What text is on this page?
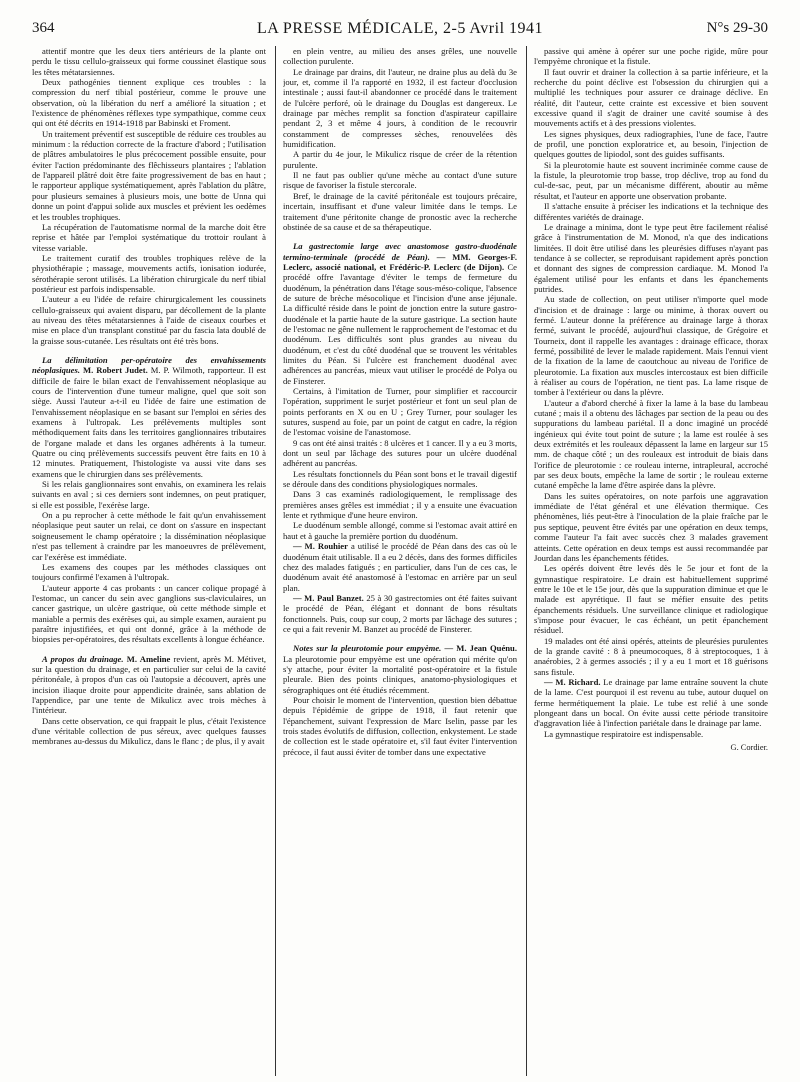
364	LA PRESSE MÉDICALE, 2-5 Avril 1941	N°s 29-30

attentif montre que les deux tiers antérieurs de la plante ont perdu le tissu cellulo-graisseux qui forme coussinet élastique sous les têtes métatarsiennes.

Deux pathogénies tiennent explique ces troubles : la compression du nerf tibial postérieur, comme le prouve une observation, où la libération du nerf a amélioré la situation ; et l'existence de phénomènes réflexes type sympathique, comme ceux qui ont été décrits en 1914-1918 par Babinski et Froment.

Un traitement préventif est susceptible de réduire ces troubles au minimum : la réduction correcte de la fracture d'abord ; l'utilisation de plâtres ambulatoires le plus précocement possible ensuite, pour éviter l'action prédominante des flêchisseurs plantaires ; l'ablation de l'appareil plâtré doit être faite progressivement de bas en haut ; le rapporteur applique systématiquement, après l'ablation du plâtre, pour plusieurs semaines à plusieurs mois, une botte de Unna qui donne un point d'appui solide aux muscles et prévient les oedèmes et les troubles trophiques.

La récupération de l'automatisme normal de la marche doit être reprise et hâtée par l'emploi systématique du trottoir roulant à vitesse variable.

Le traitement curatif des troubles trophiques relève de la physiothérapie ; massage, mouvements actifs, ionisation iodurée, sérothérapie seront utilisés. La libération chirurgicale du nerf tibial postérieur est parfois indispensable.

L'auteur a eu l'idée de refaire chirurgicalement les coussinets cellulo-graisseux qui avaient disparu, par décollement de la plante au niveau des têtes métatarsiennes à l'aide de ciseaux courbes et mise en place d'un transplant constitué par du fascia lata doublé de la graisse sous-cutanée. Les résultats ont été très bons.

La délimitation per-opératoire des envahissements néoplasiques. M. Robert Judet. M. P. Wilmoth, rapporteur. Il est difficile de faire le bilan exact de l'envahissement néoplasique au cours de l'intervention d'une tumeur maligne, quel que soit son siège. Aussi l'auteur a-t-il eu l'idée de faire une estimation de l'envahissement néoplasique en se basant sur l'emploi en séries des examens à l'ultropak. Les prélèvements multiples sont méthodiquement faits dans les territoires ganglionnaires tributaires de l'organe malade et dans les organes adhérents à la tumeur. Quatre ou cinq prélèvements successifs peuvent être faits en 10 à 12 minutes. Pratiquement, l'histologiste va aussi vite dans ses examens que le chirurgien dans ses prélèvements.

Si les relais ganglionnaires sont envahis, on examinera les relais suivants en aval ; si ces derniers sont indemnes, on peut pratiquer, si elle est possible, l'exérèse large.

On a pu reprocher à cette méthode le fait qu'un envahissement néoplasique peut sauter un relai, ce dont on s'assure en inspectant soigneusement le champ opératoire ; la dissémination néoplasique n'est pas tellement à craindre par les manoeuvres de prélèvement, car l'exérèse est immédiate.

Les examens des coupes par les méthodes classiques ont toujours confirmé l'examen à l'ultropak.

L'auteur apporte 4 cas probants : un cancer colique propagé à l'estomac, un cancer du sein avec ganglions sus-claviculaires, un cancer gastrique, un ulcère gastrique, où cette méthode simple et maniable a permis des exérèses qui, au simple examen, auraient pu paraître injustifiées, et qui ont donné, grâce à la méthode de biopsies per-opératoires, des résultats excellents à longue échéance.

A propos du drainage. M. Ameline revient, après M. Métivet, sur la question du drainage, et en particulier sur celui de la cavité péritonéale, à propos d'un cas où l'autopsie a découvert, après une incision iliaque droite pour appendicite drainée, sans ablation de l'appendice, par une tente de Mikulicz avec trois mèches à l'intérieur.

Dans cette observation, ce qui frappait le plus, c'était l'existence d'une véritable collection de pus séreux, avec quelques fausses membranes au-dessus du Mikulicz, dans le flanc ; de plus, il y avait

en plein ventre, au milieu des anses grêles, une nouvelle collection purulente.

Le drainage par drains, dit l'auteur, ne draine plus au delà du 3e jour, et, comme il l'a rapporté en 1932, il est facteur d'occlusion intestinale ; aussi faut-il abandonner ce procédé dans le traitement de l'ulcère perforé, où le drainage du Douglas est dangereux. Le drainage par mèches remplit sa fonction d'aspirateur capillaire pendant 2, 3 et même 4 jours, à condition de le recouvrir constamment de compresses sèches, renouvelées dès humidification.

A partir du 4e jour, le Mikulicz risque de créer de la rétention purulente.

Il ne faut pas oublier qu'une mèche au contact d'une suture risque de favoriser la fistule stercorale.

Bref, le drainage de la cavité péritonéale est toujours précaire, incertain, insuffisant et d'une valeur limitée dans le temps. Le traitement d'une péritonite change de pronostic avec la recherche obstinée de sa cause et de sa thérapeutique.

La gastrectomie large avec anastomose gastro-duodénale termino-terminale (procédé de Péan). — MM. Georges-F. Leclerc, associé national, et Frédéric-P. Leclerc (de Dijon). Ce procédé offre l'avantage d'éviter le temps de fermeture du duodénum, la pénétration dans l'étage sous-méso-colique, l'absence de suture de brèche mésocolique et l'incision d'une anse jéjunale. La difficulté réside dans le point de jonction entre la suture gastro-duodénale et la partie haute de la suture gastrique. La section haute de l'estomac ne gêne nullement le rapprochement de l'estomac et du duodénum. Les difficultés sont plus grandes au niveau du duodénum, et c'est du côté duodénal que se trouvent les véritables limites du Péan. Si l'ulcère est franchement duodénal avec adhérences au pancréas, mieux vaut utiliser le procédé de Polya ou de Finsterer.

Certains, à l'imitation de Turner, pour simplifier et raccourcir l'opération, suppriment le surjet postérieur et font un seul plan de points perforants en X ou en U ; Grey Turner, pour soulager les sutures, suspend au foie, par un point de catgut en cadre, la région de l'estomac voisine de l'anastomose.

9 cas ont été ainsi traités : 8 ulcères et 1 cancer. Il y a eu 3 morts, dont un seul par lâchage des sutures pour un ulcère duodénal adhérent au pancréas.

Les résultats fonctionnels du Péan sont bons et le travail digestif se déroule dans des conditions physiologiques normales.

Dans 3 cas examinés radiologiquement, le remplissage des premières anses grêles est immédiat ; il y a ensuite une évacuation lente et rythmique d'une heure environ.

Le duodénum semble allongé, comme si l'estomac avait attiré en haut et à gauche la première portion du duodénum.

— M. Rouhier a utilisé le procédé de Péan dans des cas où le duodénum était utilisable. Il a eu 2 décès, dans des formes difficiles chez des malades fatigués ; en particulier, dans l'un de ces cas, le duodénum avait été anastomosé à l'estomac en arrière par un seul plan.

— M. Paul Banzet. 25 à 30 gastrectomies ont été faites suivant le procédé de Péan, élégant et donnant de bons résultats fonctionnels. Puis, coup sur coup, 2 morts par lâchage des sutures ; ce qui a fait revenir M. Banzet au procédé de Finsterer.

Notes sur la pleurotomie pour empyème. — M. Jean Quénu. La pleurotomie pour empyème est une opération qui mérite qu'on s'y attache, pour éviter la mortalité post-opératoire et la fistule pleurale. Bien des points cliniques, anatomo-physiologiques et sérographiques ont été étudiés récemment.

Pour choisir le moment de l'intervention, question bien débattue depuis l'épidémie de grippe de 1918, il faut retenir que l'épanchement, suivant l'expression de Marc Iselin, passe par les trois stades évolutifs de diffusion, collection, enkystement. Le stade de collection est le stade opératoire et, s'il faut éviter l'intervention précoce, il faut aussi éviter de tomber dans une expectative

passive qui amène à opérer sur une poche rigide, mûre pour l'empyème chronique et la fistule.

Il faut ouvrir et drainer la collection à sa partie inférieure, et la recherche du point déclive est l'obsession du chirurgien qui a multiplié les techniques pour assurer ce drainage déclive. En réalité, dit l'auteur, cette crainte est excessive et bien souvent excessive quand il s'agit de drainer une cavité soumise à des mouvements actifs et à des pressions violentes.

Les signes physiques, deux radiographies, l'une de face, l'autre de profil, une ponction exploratrice et, au besoin, l'injection de quelques gouttes de lipiodol, sont des guides suffisants.

Si la pleurotomie haute est souvent incriminée comme cause de la fistule, la pleurotomie trop basse, trop déclive, trop au fond du cul-de-sac, peut, par un mécanisme différent, aboutir au même résultat, et l'auteur en apporte une observation probante.

Il s'attache ensuite à préciser les indications et la technique des différentes variétés de drainage.

Le drainage a minima, dont le type peut être facilement réalisé grâce à l'instrumentation de M. Monod, n'a que des indications limitées. Il doit être utilisé dans les pleurésies diffuses n'ayant pas tendance à se collecter, se reproduisant rapidement après ponction et donnant des signes de compression cardiaque. M. Monod l'a également utilisé pour les enfants et dans les épanchements putrides.

Au stade de collection, on peut utiliser n'importe quel mode d'incision et de drainage : large ou minime, à thorax ouvert ou fermé. L'auteur donne la préférence au drainage large à thorax fermé, suivant le procédé, aujourd'hui classique, de Grégoire et Tourneix, dont il rappelle les avantages : drainage efficace, thorax fermé, possibilité de lever le malade rapidement. Mais l'ennui vient de la fixation de la lame de caoutchouc au niveau de l'orifice de pleurotomie. La fixation aux muscles intercostaux est bien difficile à réaliser au cours de l'opération, ne tient pas. La lame risque de tomber à l'extérieur ou dans la plèvre.

L'auteur a d'abord cherché à fixer la lame à la base du lambeau cutané ; mais il a obtenu des lâchages par section de la peau ou des suppurations du lambeau pariétal. Il a donc imaginé un procédé ingénieux qui évite tout point de suture ; la lame est roulée à ses deux extrémités et les rouleaux dépassent la lame en largeur sur 15 mm. de chaque côté ; un des rouleaux est introduit de biais dans l'orifice de pleurotomie : ce rouleau interne, intrapleural, accroché par ses deux bouts, empêche la lame de sortir ; le rouleau externe cutané empêche la lame d'être aspirée dans la plèvre.

Dans les suites opératoires, on note parfois une aggravation immédiate de l'état général et une élévation thermique. Ces phénomènes, liés peut-être à l'inoculation de la plaie fraîche par le pus septique, peuvent être évités par une opération en deux temps, comme l'auteur l'a fait avec succès chez 3 malades gravement atteints. Cette opération en deux temps est aussi recommandée par Jourdan dans les épanchements fétides.

Les opérés doivent être levés dès le 5e jour et font de la gymnastique respiratoire. Le drain est habituellement supprimé entre le 10e et le 15e jour, dès que la suppuration diminue et que le malade est apyrétique. Il faut se méfier ensuite des petits épanchements résiduels. Une surveillance clinique et radiologique s'impose pour évacuer, le cas échéant, un petit épanchement résiduel.

19 malades ont été ainsi opérés, atteints de pleurésies purulentes de la grande cavité : 8 à pneumocoques, 8 à streptocoques, 1 à anaérobies, 2 à germes associés ; il y a eu 1 mort et 18 guérisons sans fistule.

— M. Richard. Le drainage par lame entraîne souvent la chute de la lame. C'est pourquoi il est revenu au tube, autour duquel on ferme hermétiquement la plaie. Le tube est relié à une sonde plongeant dans un bocal. On évite aussi cette période transitoire d'aggravation liée à l'infection pariétale dans le drainage par lame.

La gymnastique respiratoire est indispensable.

G. Cordier.
